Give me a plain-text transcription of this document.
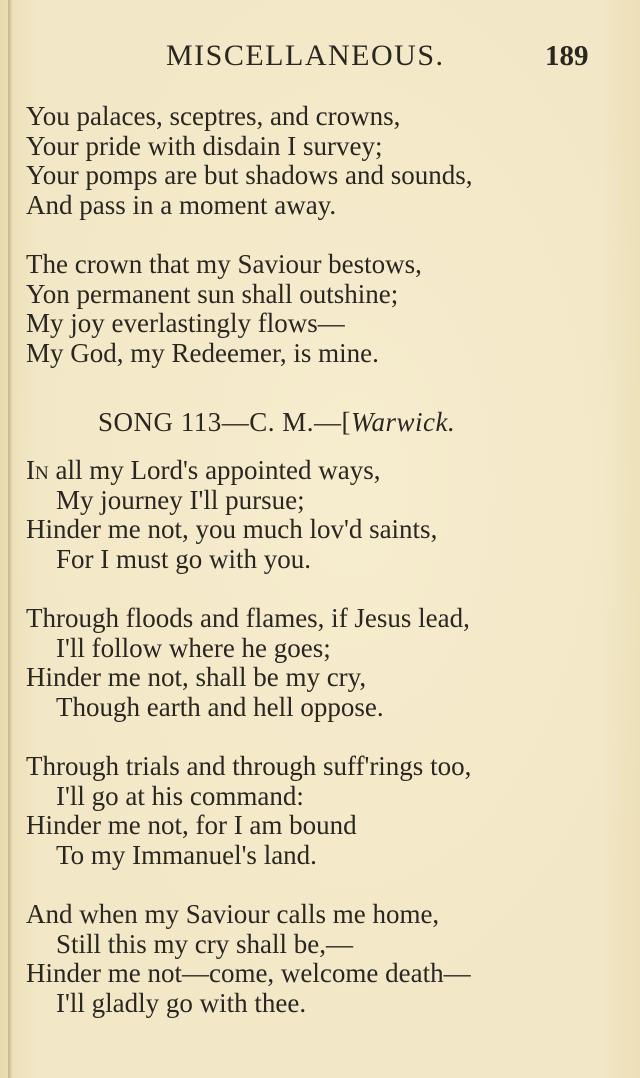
MISCELLANEOUS.	189

You palaces, sceptres, and crowns,

Your pride with disdain I survey;

Your pomps are but shadows and sounds,

And pass in a moment away.

The crown that my Saviour bestows,

Yon permanent sun shall outshine;

My joy everlastingly flows—

My God, my Redeemer, is mine.

SONG 113—C. M.—[Warwick.

In all my Lord's appointed ways,

My journey I'll pursue;

Hinder me not, you much lov'd saints,

For I must go with you.

Through floods and flames, if Jesus lead,

I'll follow where he goes;

Hinder me not, shall be my cry,

Though earth and hell oppose.

Through trials and through suff'rings too,

I'll go at his command:

Hinder me not, for I am bound

To my Immanuel's land.

And when my Saviour calls me home,

Still this my cry shall be,—

Hinder me not—come, welcome death—

I'll gladly go with thee.
